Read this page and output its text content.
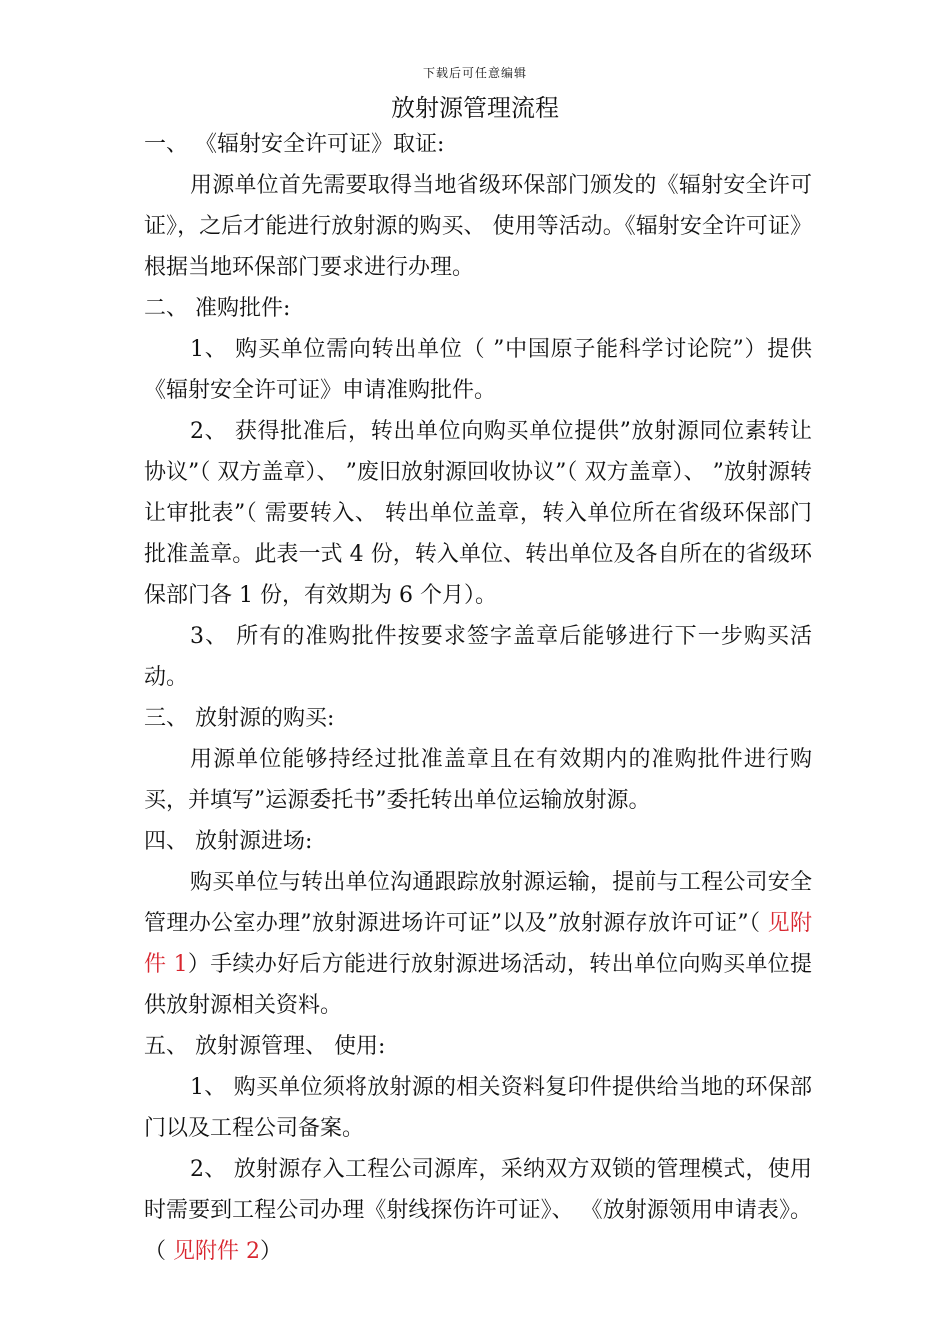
下载后可任意编辑
放射源管理流程

一、 《辐射安全许可证》取证:

用源单位首先需要取得当地省级环保部门颁发的《辐射安全许可证》，之后才能进行放射源的购买、 使用等活动。《辐射安全许可证》根据当地环保部门要求进行办理。

二、 准购批件:

1、 购买单位需向转出单位（ ”中国原子能科学讨论院”）提供《辐射安全许可证》申请准购批件。

2、 获得批准后，转出单位向购买单位提供”放射源同位素转让协议”（ 双方盖章）、 ”废旧放射源回收协议”（ 双方盖章）、 ”放射源转让审批表”（ 需要转入、 转出单位盖章，转入单位所在省级环保部门批准盖章。此表一式 4 份，转入单位、转出单位及各自所在的省级环保部门各 1 份，有效期为 6 个月）。

3、 所有的准购批件按要求签字盖章后能够进行下一步购买活动。

三、 放射源的购买:

用源单位能够持经过批准盖章且在有效期内的准购批件进行购买，并填写”运源委托书”委托转出单位运输放射源。

四、 放射源进场:

购买单位与转出单位沟通跟踪放射源运输，提前与工程公司安全管理办公室办理”放射源进场许可证”以及”放射源存放许可证”（ 见附件 1）手续办好后方能进行放射源进场活动，转出单位向购买单位提供放射源相关资料。

五、 放射源管理、 使用:

1、 购买单位须将放射源的相关资料复印件提供给当地的环保部门以及工程公司备案。

2、 放射源存入工程公司源库，采纳双方双锁的管理模式，使用时需要到工程公司办理《射线探伤许可证》、 《放射源领用申请表》。（ 见附件 2）
